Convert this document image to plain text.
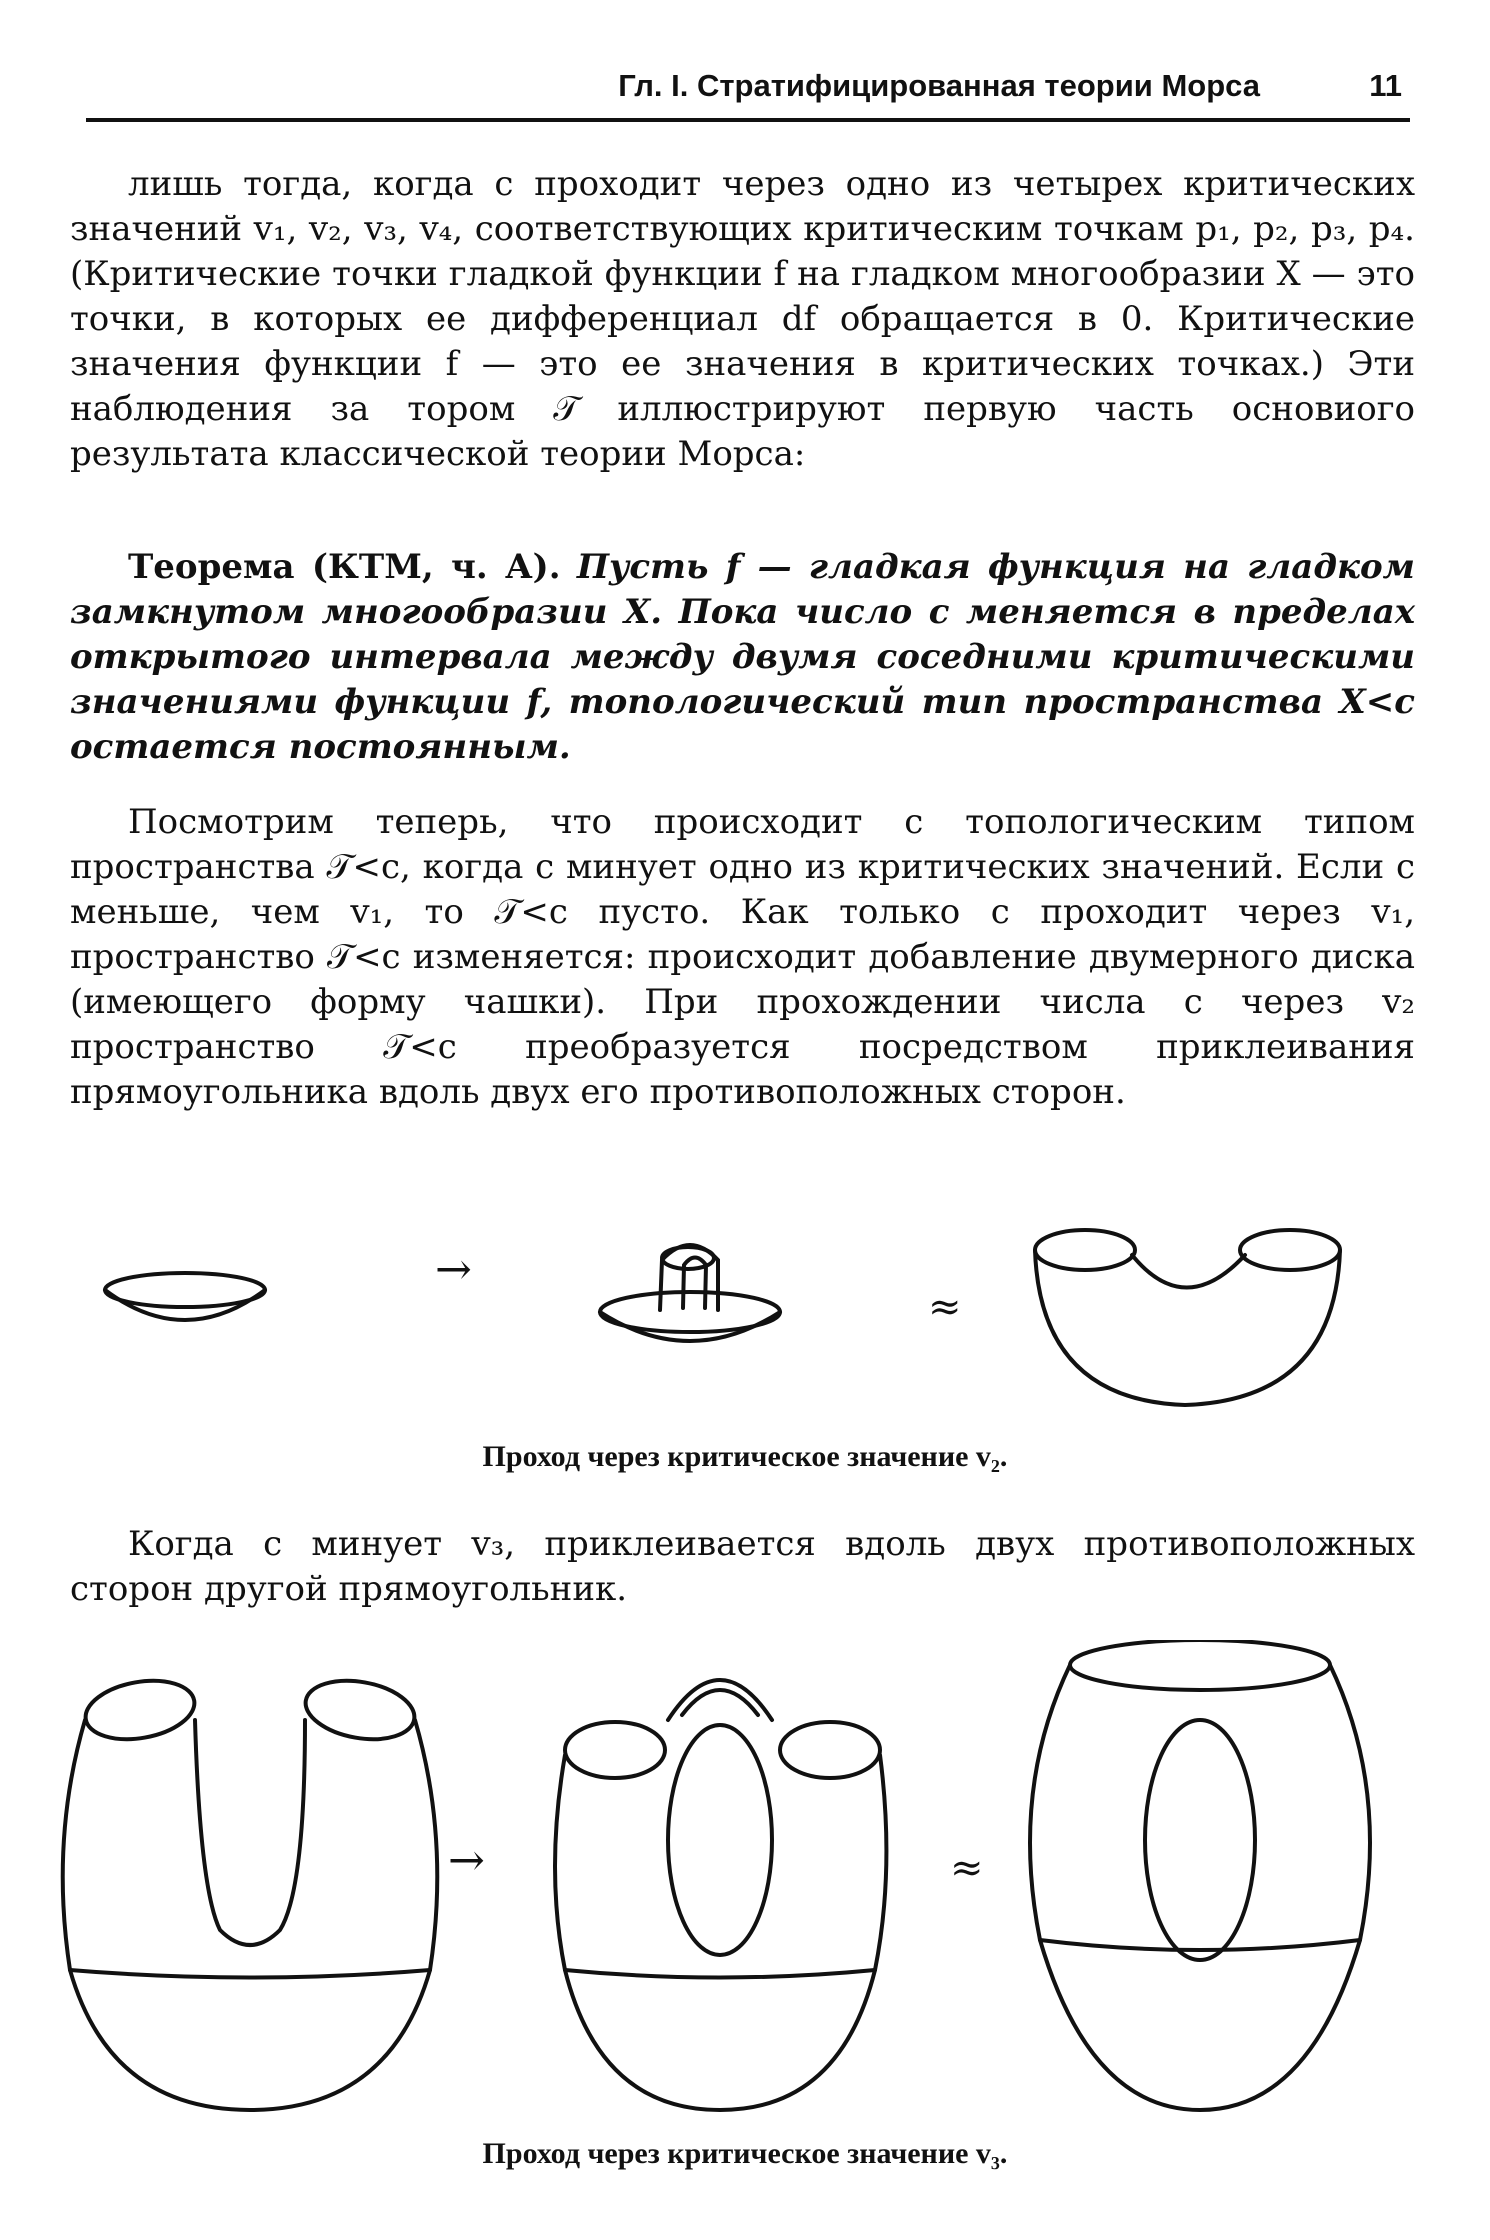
Гл. I. Стратифицированная теории Морса	11

лишь тогда, когда c проходит через одно из четырех критических значений v₁, v₂, v₃, v₄, соответствующих критическим точкам p₁, p₂, p₃, p₄. (Критические точки гладкой функции f на гладком многообразии X — это точки, в которых ее дифференциал df обращается в 0. Критические значения функции f — это ее значения в критических точках.) Эти наблюдения за тором 𝒯 иллюстрируют первую часть основиого результата классической теории Морса:

Теорема (КТМ, ч. А). Пусть f — гладкая функция на гладком замкнутом многообразии X. Пока число c меняется в пределах открытого интервала между двумя соседними критическими значениями функции f, топологический тип пространства X<c остается постоянным.

Посмотрим теперь, что происходит с топологическим типом пространства 𝒯<c, когда c минует одно из критических значений. Если c меньше, чем v₁, то 𝒯<c пусто. Как только c проходит через v₁, пространство 𝒯<c изменяется: происходит добавление двумерного диска (имеющего форму чашки). При прохождении числа c через v₂ пространство 𝒯<c преобразуется посредством приклеивания прямоугольника вдоль двух его противоположных сторон.

→
≈
Проход через критическое значение v₂.

Когда c минует v₃, приклеивается вдоль двух противоположных сторон другой прямоугольник.

→	≈
Проход через критическое значение v₃.
